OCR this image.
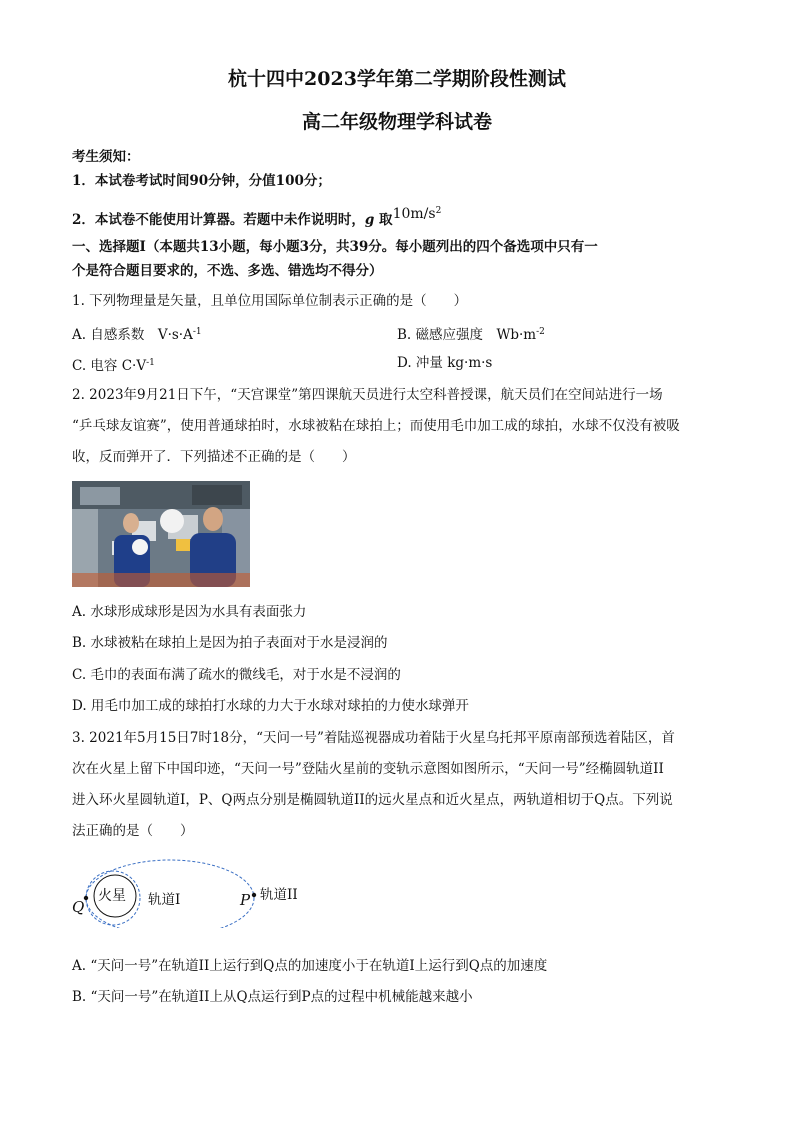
杭十四中2023学年第二学期阶段性测试
高二年级物理学科试卷
考生须知：
1．本试卷考试时间90分钟，分值100分；
2．本试卷不能使用计算器。若题中未作说明时，g 取$10m/s^2$
一、选择题Ⅰ（本题共13小题，每小题3分，共39分。每小题列出的四个备选项中只有一
个是符合题目要求的，不选、多选、错选均不得分）
1. 下列物理量是矢量，且单位用国际单位制表示正确的是（　　）
A. 自感系数　$V\cdot s\cdot A^{-1}$	B. 磁感应强度　$Wb\cdot m^{-2}$
C. 电容 $C\cdot V^{-1}$	D. 冲量 kg·m·s
2. 2023年9月21日下午，“天宫课堂”第四课航天员进行太空科普授课，航天员们在空间站进行一场
“乒乓球友谊赛”，使用普通球拍时，水球被粘在球拍上；而使用毛巾加工成的球拍，水球不仅没有被吸
收，反而弹开了．下列描述不正确的是（　　）
A. 水球形成球形是因为水具有表面张力
B. 水球被粘在球拍上是因为拍子表面对于水是浸润的
C. 毛巾的表面布满了疏水的微线毛，对于水是不浸润的
D. 用毛巾加工成的球拍打水球的力大于水球对球拍的力使水球弹开
3. 2021年5月15日7时18分，“天问一号”着陆巡视器成功着陆于火星乌托邦平原南部预选着陆区，首
次在火星上留下中国印迹，“天问一号”登陆火星前的变轨示意图如图所示，“天问一号”经椭圆轨道II
进入环火星圆轨道I，P、Q两点分别是椭圆轨道II的远火星点和近火星点，两轨道相切于Q点。下列说
法正确的是（　　）
火星 轨道I	轨道II
Q	P
A. “天问一号”在轨道II上运行到Q点的加速度小于在轨道I上运行到Q点的加速度
B. “天问一号”在轨道II上从Q点运行到P点的过程中机械能越来越小
